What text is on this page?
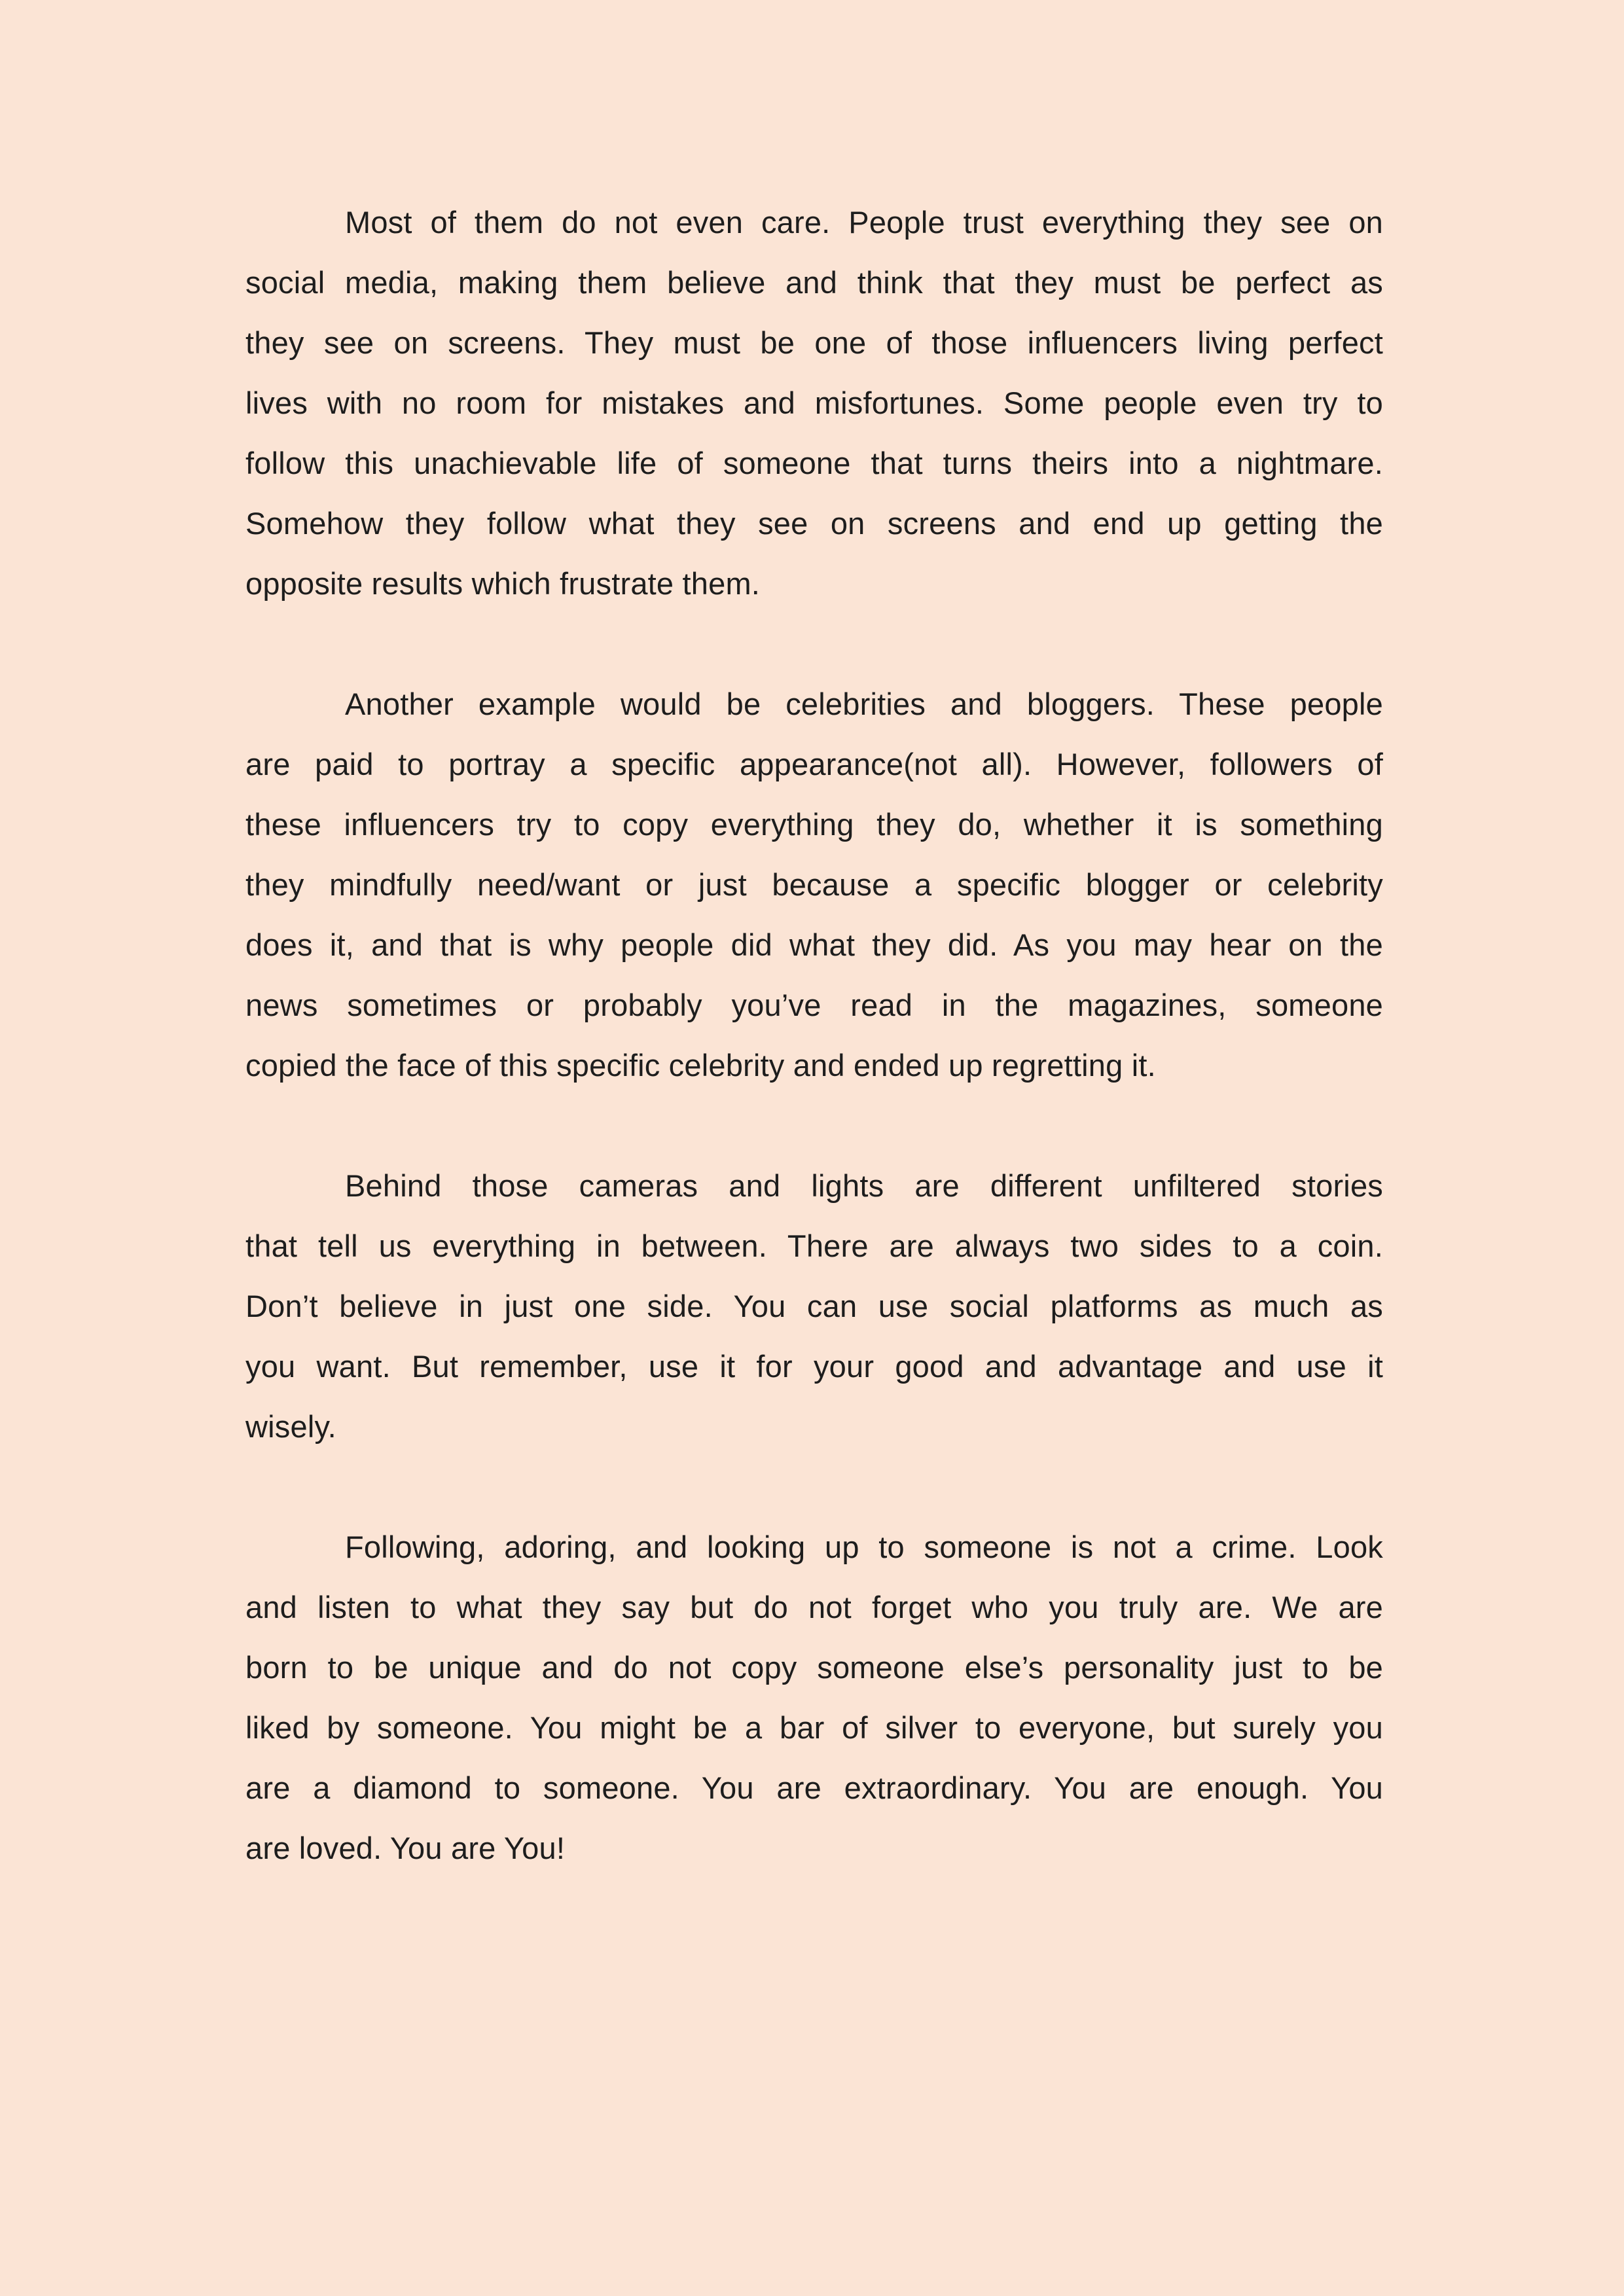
Most of them do not even care. People trust everything they see on
social media, making them believe and think that they must be perfect as
they see on screens. They must be one of those influencers living perfect
lives with no room for mistakes and misfortunes. Some people even try to
follow this unachievable life of someone that turns theirs into a nightmare.
Somehow they follow what they see on screens and end up getting the
opposite results which frustrate them.
Another example would be celebrities and bloggers. These people
are paid to portray a specific appearance(not all). However, followers of
these influencers try to copy everything they do, whether it is something
they mindfully need/want or just because a specific blogger or celebrity
does it, and that is why people did what they did. As you may hear on the
news sometimes or probably you’ve read in the magazines, someone
copied the face of this specific celebrity and ended up regretting it.
Behind those cameras and lights are different unfiltered stories
that tell us everything in between. There are always two sides to a coin.
Don’t believe in just one side. You can use social platforms as much as
you want. But remember, use it for your good and advantage and use it
wisely.
Following, adoring, and looking up to someone is not a crime. Look
and listen to what they say but do not forget who you truly are. We are
born to be unique and do not copy someone else’s personality just to be
liked by someone. You might be a bar of silver to everyone, but surely you
are a diamond to someone. You are extraordinary. You are enough. You
are loved. You are You!
